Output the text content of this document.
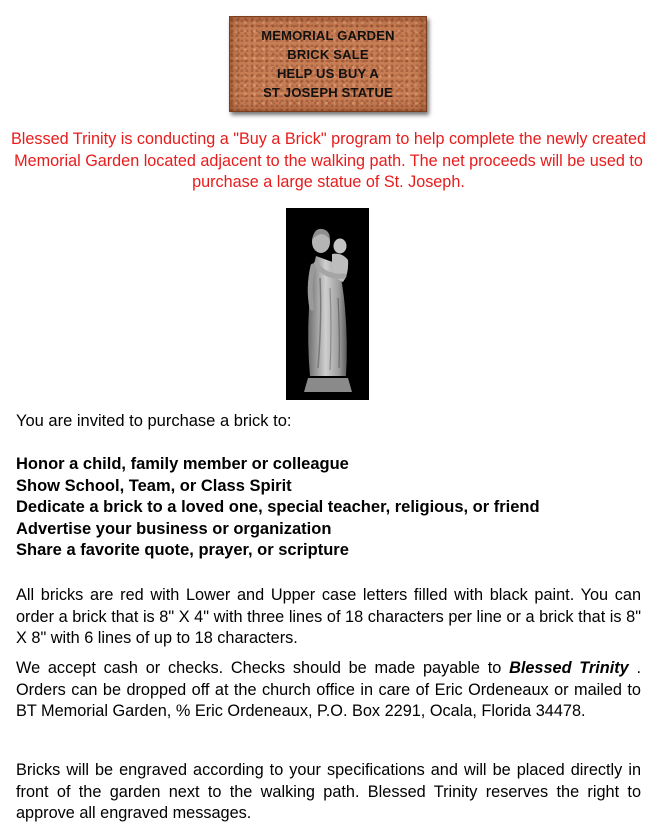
MEMORIAL GARDEN
BRICK SALE
HELP US BUY A
ST JOSEPH STATUE
Blessed Trinity is conducting a "Buy a Brick" program to help complete the newly created Memorial Garden located adjacent to the walking path. The net proceeds will be used to purchase a large statue of St. Joseph.
You are invited to purchase a brick to:
Honor a child, family member or colleague
Show School, Team, or Class Spirit
Dedicate a brick to a loved one, special teacher, religious, or friend
Advertise your business or organization
Share a favorite quote, prayer, or scripture

All bricks are red with Lower and Upper case letters filled with black paint. You can order a brick that is 8" X 4" with three lines of 18 characters per line or a brick that is 8" X 8" with 6 lines of up to 18 characters.

We accept cash or checks. Checks should be made payable to Blessed Trinity . Orders can be dropped off at the church office in care of Eric Ordeneaux or mailed to BT Memorial Garden, % Eric Ordeneaux, P.O. Box 2291, Ocala, Florida 34478.

Bricks will be engraved according to your specifications and will be placed directly in front of the garden next to the walking path. Blessed Trinity reserves the right to approve all engraved messages.
